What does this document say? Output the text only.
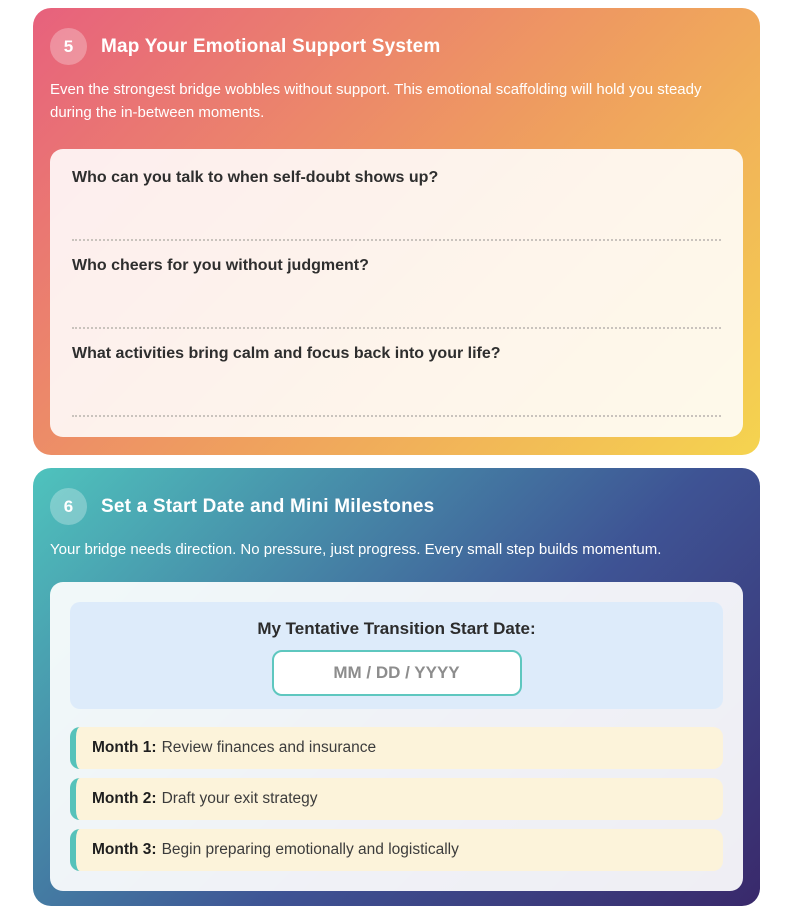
5	Map Your Emotional Support System

Even the strongest bridge wobbles without support. This emotional scaffolding will hold you steady during the in-between moments.

Who can you talk to when self-doubt shows up?

Who cheers for you without judgment?

What activities bring calm and focus back into your life?

6	Set a Start Date and Mini Milestones

Your bridge needs direction. No pressure, just progress. Every small step builds momentum.

My Tentative Transition Start Date:

MM / DD / YYYY
Month 1: Review finances and insurance
Month 2: Draft your exit strategy
Month 3: Begin preparing emotionally and logistically
